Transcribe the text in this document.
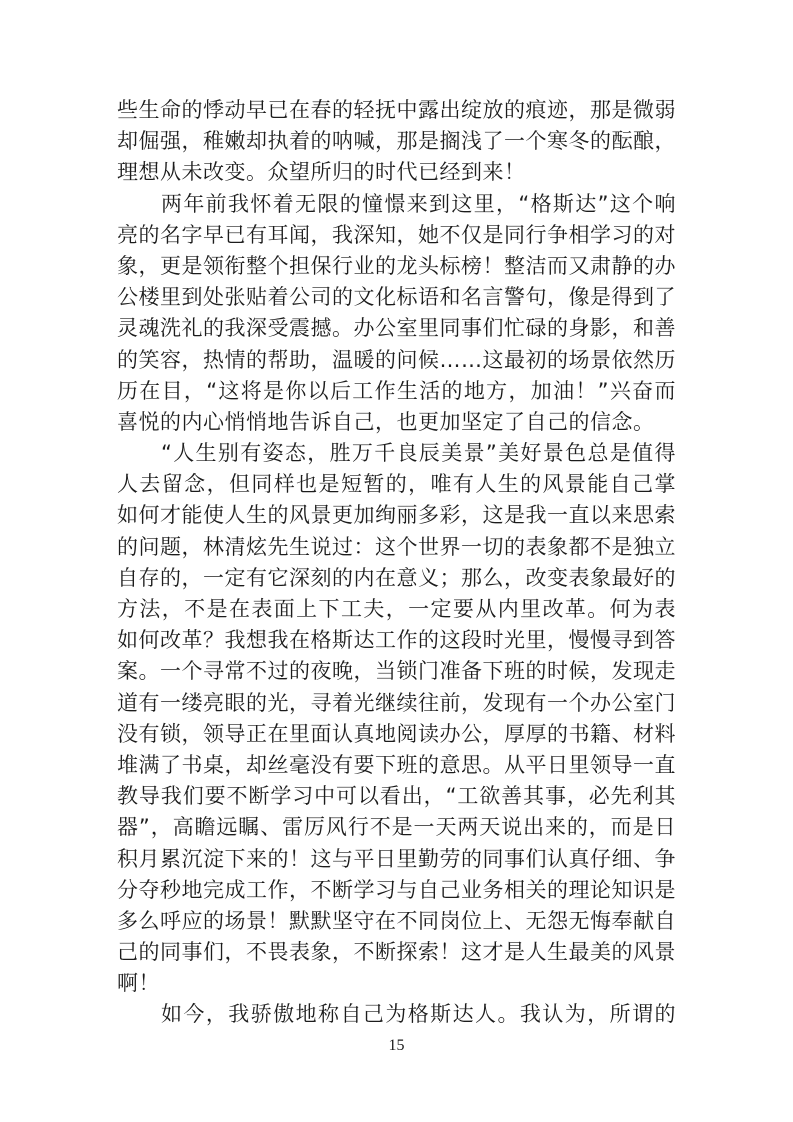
些生命的悸动早已在春的轻抚中露出绽放的痕迹，那是微弱
却倔强，稚嫩却执着的呐喊，那是搁浅了一个寒冬的酝酿，
理想从未改变。众望所归的时代已经到来！
两年前我怀着无限的憧憬来到这里，“格斯达”这个响
亮的名字早已有耳闻，我深知，她不仅是同行争相学习的对
象，更是领衔整个担保行业的龙头标榜！整洁而又肃静的办
公楼里到处张贴着公司的文化标语和名言警句，像是得到了
灵魂洗礼的我深受震撼。办公室里同事们忙碌的身影，和善
的笑容，热情的帮助，温暖的问候……这最初的场景依然历
历在目，“这将是你以后工作生活的地方，加油！”兴奋而
喜悦的内心悄悄地告诉自己，也更加坚定了自己的信念。
“人生别有姿态，胜万千良辰美景”美好景色总是值得
人去留念，但同样也是短暂的，唯有人生的风景能自己掌
如何才能使人生的风景更加绚丽多彩，这是我一直以来思索
的问题，林清炫先生说过：这个世界一切的表象都不是独立
自存的，一定有它深刻的内在意义；那么，改变表象最好的
方法，不是在表面上下工夫，一定要从内里改革。何为表
如何改革？我想我在格斯达工作的这段时光里，慢慢寻到答
案。一个寻常不过的夜晚，当锁门准备下班的时候，发现走
道有一缕亮眼的光，寻着光继续往前，发现有一个办公室门
没有锁，领导正在里面认真地阅读办公，厚厚的书籍、材料
堆满了书桌，却丝毫没有要下班的意思。从平日里领导一直
教导我们要不断学习中可以看出，“工欲善其事，必先利其
器”，高瞻远瞩、雷厉风行不是一天两天说出来的，而是日
积月累沉淀下来的！这与平日里勤劳的同事们认真仔细、争
分夺秒地完成工作，不断学习与自己业务相关的理论知识是
多么呼应的场景！默默坚守在不同岗位上、无怨无悔奉献自
己的同事们，不畏表象，不断探索！这才是人生最美的风景
啊！
如今，我骄傲地称自己为格斯达人。我认为，所谓的
15
